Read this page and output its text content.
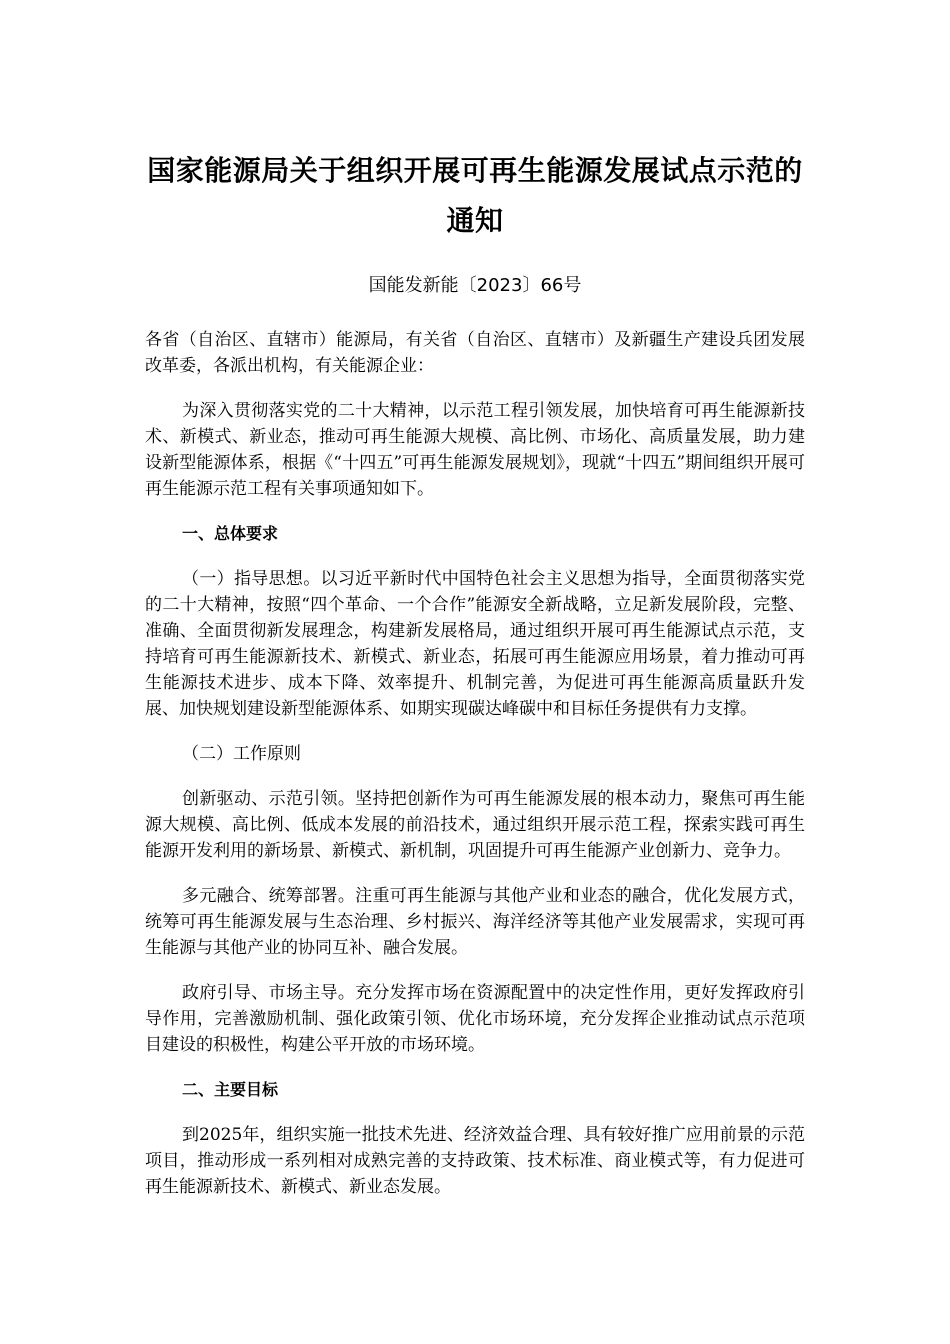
国家能源局关于组织开展可再生能源发展试点示范的通知
国能发新能〔2023〕66号

各省（自治区、直辖市）能源局，有关省（自治区、直辖市）及新疆生产建设兵团发展改革委，各派出机构，有关能源企业：

为深入贯彻落实党的二十大精神，以示范工程引领发展，加快培育可再生能源新技术、新模式、新业态，推动可再生能源大规模、高比例、市场化、高质量发展，助力建设新型能源体系，根据《“十四五”可再生能源发展规划》，现就“十四五”期间组织开展可再生能源示范工程有关事项通知如下。

一、总体要求

（一）指导思想。以习近平新时代中国特色社会主义思想为指导，全面贯彻落实党的二十大精神，按照“四个革命、一个合作”能源安全新战略，立足新发展阶段，完整、准确、全面贯彻新发展理念，构建新发展格局，通过组织开展可再生能源试点示范，支持培育可再生能源新技术、新模式、新业态，拓展可再生能源应用场景，着力推动可再生能源技术进步、成本下降、效率提升、机制完善，为促进可再生能源高质量跃升发展、加快规划建设新型能源体系、如期实现碳达峰碳中和目标任务提供有力支撑。

（二）工作原则

创新驱动、示范引领。坚持把创新作为可再生能源发展的根本动力，聚焦可再生能源大规模、高比例、低成本发展的前沿技术，通过组织开展示范工程，探索实践可再生能源开发利用的新场景、新模式、新机制，巩固提升可再生能源产业创新力、竞争力。

多元融合、统筹部署。注重可再生能源与其他产业和业态的融合，优化发展方式，统筹可再生能源发展与生态治理、乡村振兴、海洋经济等其他产业发展需求，实现可再生能源与其他产业的协同互补、融合发展。

政府引导、市场主导。充分发挥市场在资源配置中的决定性作用，更好发挥政府引导作用，完善激励机制、强化政策引领、优化市场环境，充分发挥企业推动试点示范项目建设的积极性，构建公平开放的市场环境。

二、主要目标

到2025年，组织实施一批技术先进、经济效益合理、具有较好推广应用前景的示范项目，推动形成一系列相对成熟完善的支持政策、技术标准、商业模式等，有力促进可再生能源新技术、新模式、新业态发展。
